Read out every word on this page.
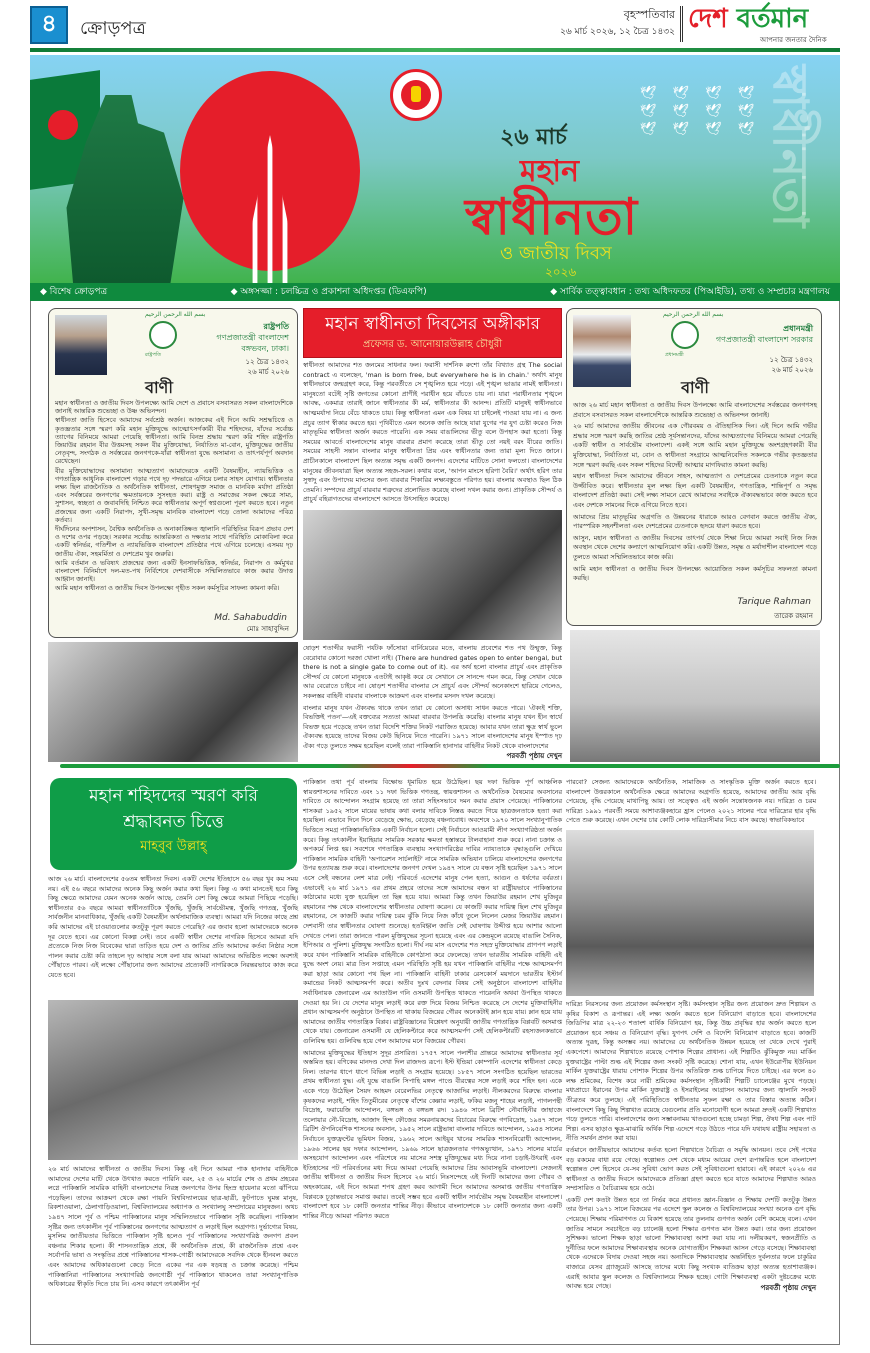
৪	ক্রোড়পত্র
বৃহস্পতিবার
২৬ মার্চ ২০২৬, ১২ চৈত্র ১৪৩২ দেশ বর্তমান
আপনার জনতার দৈনিক
🕊 🕊 🕊 🕊 🕊 🕊 🕊 🕊 🕊 🕊 🕊 🕊
২৬ মার্চ
মহান
স্বাধীনতা
ও জাতীয় দিবস
২০২৬
স্বাধীনতা
◆ বিশেষ ক্রোড়পত্র	◆ অঙ্গসজ্জা : চলচ্চিত্র ও প্রকাশনা অধিদপ্তর (ডিএফপি)	◆ সার্বিক তত্ত্বাবধান : তথ্য অধিদফতর (পিআইডি), তথ্য ও সম্প্রচার মন্ত্রণালয়
بسم الله الرحمن الرحيم
রাষ্ট্রপতি
রাষ্ট্রপতি
গণপ্রজাতন্ত্রী বাংলাদেশ
বঙ্গভবন, ঢাকা।
১২ চৈত্র ১৪৩২
২৬ মার্চ ২০২৬
বাণী

মহান স্বাধীনতা ও জাতীয় দিবস উপলক্ষ্যে আমি দেশে ও প্রবাসে বসবাসরত সকল বাংলাদেশিকে জানাই আন্তরিক শুভেচ্ছা ও উষ্ণ অভিনন্দন।

স্বাধীনতা জাতি হিসেবে আমাদের সর্বশ্রেষ্ঠ অর্জন। আজকের এই দিনে আমি সশ্রদ্ধচিত্তে ও কৃতজ্ঞতার সঙ্গে স্মরণ করি মহান মুক্তিযুদ্ধে আত্মোৎসর্গকারী বীর শহিদদের, যাঁদের সর্বোচ্চ ত্যাগের বিনিময়ে আমরা পেয়েছি স্বাধীনতা। আমি বিনম্র শ্রদ্ধায় স্মরণ করি শহিদ রাষ্ট্রপতি জিয়াউর রহমান বীর উত্তমসহ সকল বীর মুক্তিযোদ্ধা, নির্যাতিত মা-বোন, মুক্তিযুদ্ধের জাতীয় নেতৃবৃন্দ, সংগঠক ও সর্বস্তরের জনগণকে-যাঁরা স্বাধীনতা যুদ্ধে অসামান্য ও তাৎপর্যপূর্ণ অবদান রেখেছেন।

বীর মুক্তিযোদ্ধাদের অসামান্য আত্মত্যাগ আমাদেরকে একটি বৈষম্যহীন, ন্যায়ভিত্তিক ও গণতান্ত্রিক আধুনিক বাংলাদেশ গড়ার পথে দৃঢ় পদভারে এগিয়ে চলার সাহস যোগায়। স্বাধীনতার লক্ষ্য ছিল রাজনৈতিক ও অর্থনৈতিক স্বাধীনতা, শোষণমুক্ত সমাজ ও মানবিক মর্যাদা প্রতিষ্ঠা এবং সর্বস্তরের জনগণের ক্ষমতায়নকে সুসংহত করা। রাষ্ট্র ও সমাজের সকল ক্ষেত্রে সাম্য, সুশাসন, স্বচ্ছতা ও জবাবদিহি নিশ্চিত করে স্বাধীনতার অপূর্ণ স্বপ্নগুলো পূরণ করতে হবে। নতুন প্রজন্মের জন্য একটি নিরাপদ, সুখী-সমৃদ্ধ মানবিক বাংলাদেশ গড়ে তোলা আমাদের পবিত্র কর্তব্য।

দীর্ঘদিনের অপশাসন, বৈশ্বিক অর্থনৈতিক ও অনাকাঙ্ক্ষিত জ্বালানি পরিস্থিতির বিরূপ প্রভাব দেশ ও দশের ওপর পড়ছে। সরকার সর্বোচ্চ আন্তরিকতা ও দক্ষতার সাথে পরিস্থিতি মোকাবিলা করে একটি স্বনির্ভর, গতিশীল ও ন্যায়ভিত্তিক বাংলাদেশ প্রতিষ্ঠার পথে এগিয়ে চলেছে। এসময় দৃঢ় জাতীয় ঐক্য, সহমর্মিতা ও দেশপ্রেম খুব জরুরি।

আমি বর্তমান ও ভবিষ্যৎ প্রজন্মের জন্য একটি ইনসাফভিত্তিক, স্বনির্ভর, নিরাপদ ও কর্মমুখর বাংলাদেশ বিনির্মাণে দল-মত-পথ নির্বিশেষে দেশবাসীকে সম্মিলিতভাবে কাজ করার উদাত্ত আহ্বান জানাই।

আমি মহান স্বাধীনতা ও জাতীয় দিবস উপলক্ষ্যে গৃহীত সকল কর্মসূচির সাফল্য কামনা করি।

Md. Sahabuddin
মোঃ সাহাবুদ্দিন
মহান স্বাধীনতা দিবসের অঙ্গীকার
প্রফেসর ড. আনোয়ারউল্লাহ চৌধুরী

স্বাধীনতা আমাদের শত জনমের সাধনার ফল। ফরাসী দার্শনিক রুশো তাঁর বিখ্যাত গ্রন্থ The social contract এ বলেছেন, 'man is born free, but everywhere he is in chain.' অর্থাৎ মানুষ স্বাধীনভাবে জন্মগ্রহণ করে, কিন্তু পরবর্তীতে সে শৃঙ্খলিত হয়ে পড়ে। এই শৃঙ্খল ভাঙার নামই স্বাধীনতা। মানুষতো বটেই সৃষ্টি জগতের কোনো প্রাণীই পরাধীন হয়ে বাঁচতে চায় না। যারা পরাধীনতার শৃঙ্খলে আবদ্ধ, একমাত্র তারাই জানে স্বাধীনতার কী মর্ম, স্বাধীনতার কী আনন্দ। প্রতিটি মানুষই স্বাধীনভাবে আত্মমর্যাদা নিয়ে বেঁচে থাকতে চায়। কিন্তু স্বাধীনতা এমন এক বিষয় যা চাইলেই পাওয়া যায় না। এ জন্য প্রচুর ত্যাগ স্বীকার করতে হয়। পৃথিবীতে এমন অনেক জাতি আছে যারা যুগের পর যুগ চেষ্টা করেও নিজ মাতৃভূমির স্বাধীনতা অর্জন করতে পারেনি। এক সময় বাঙালিদের ভীতু বলে উপহাস করা হতো। কিন্তু সময়ের আবর্তে বাংলাদেশের মানুষ বারবার প্রমাণ করেছে তারা ভীতু তো নয়ই বরং বীরের জাতি। সময়ের সাহসী সন্তান বাংলার মানুষ স্বাধীনতা প্রিয় এবং স্বাধীনতার জন্য তারা মূল্য দিতে জানে। প্রাচীনকালে বাংলাদেশ ছিল অত্যন্ত সমৃদ্ধ একটি জনপদ। এদেশের মাটিতে সোনা ফলতো। বাংলাদেশের মানুষের জীবনযাত্রা ছিল অত্যন্ত সহজ-সরল। কথায় বলে, 'আপন মাংসে হরিণা বৈরি।' অর্থাৎ হরিণ তার সুস্বাদু এবং উপাদেয় মাংসের জন্য বারবার শিকারির লক্ষ্যবস্তুতে পরিণত হয়। বাংলার অবস্থাও ছিল ঠিক তেমনি। সম্পদের প্রাচুর্য বারবার শত্রুদের প্রলোভিত করেছে বাংলা দখল করার জন্য। প্রাকৃতিক সৌন্দর্য ও প্রাচুর্য বহিরাগতদের বাংলাদেশে আসতে উৎসাহিত করেছে।

ষোড়শ শতাব্দীর ফরাসী পর্যটক ফাঁসোয়া বার্নিয়েরের মতে, বাংলায় প্রবেশের শত পথ উন্মুক্ত, কিন্তু বেরোবার কোনো দরজা খোলা নাই। (There are hundred gates open to enter bengal, but there is not a single gate to come out of it). এর অর্থ হলো বাংলার প্রাচুর্য এবং প্রাকৃতিক সৌন্দর্য যে কোনো মানুষকে এতটাই আকৃষ্ট করে যে সেখানে সে সানন্দে গমন করে, কিন্তু সেখান থেকে আর বেরোতে চাইবে না। ষোড়শ শতাব্দীর বাংলার সে প্রাচুর্য এবং সৌন্দর্য অনেকাংশে হারিয়ে গেলেও, সকলস্তর বাহিনী বারবার বাংলাকে আক্রমণ এবং বাংলার মসনদ দখল করেছে।

বাংলার মানুষ যখন ঐক্যবদ্ধ থাকে তখন তারা যে কোনো অসাধ্য সাধন করতে পারে। 'ঐক্যই শক্তি, বিভক্তিই পতন'—এই বক্তব্যের সত্যতা আমরা বারবার উপলব্ধি করেছি। বাংলার মানুষ যখন হীন স্বার্থে বিভক্ত হয়ে পড়েছে তখন তারা বিদেশি শক্তির নিকট পরাজিত হয়েছে। আবার যখন তারা ক্ষুদ্র স্বার্থ ভুলে ঐক্যবদ্ধ হয়েছে তাদের বিজয় কেউ ছিনিয়ে নিতে পারেনি। ১৯৭১ সালে বাংলাদেশের মানুষ ইস্পাত দৃঢ় ঐক্য গড়ে তুলতে সক্ষম হয়েছিল বলেই তারা পাকিস্তানি হানাদার বাহিনীর নিকট থেকে বাংলাদেশের

পরবর্তী পৃষ্ঠায় দেখুন
بسم الله الرحمن الرحيم
প্রধানমন্ত্রী
প্রধানমন্ত্রী
গণপ্রজাতন্ত্রী বাংলাদেশ সরকার
১২ চৈত্র ১৪৩২
২৬ মার্চ ২০২৬
বাণী

আজ ২৬ মার্চ মহান স্বাধীনতা ও জাতীয় দিবস উপলক্ষ্যে আমি বাংলাদেশের সর্বস্তরের জনগণসহ প্রবাসে বসবাসরত সকল বাংলাদেশিকে আন্তরিক শুভেচ্ছা ও অভিনন্দন জানাই।

২৬ মার্চ আমাদের জাতীয় জীবনের এক গৌরবময় ও ঐতিহাসিক দিন। এই দিনে আমি গভীর শ্রদ্ধার সঙ্গে স্মরণ করছি জাতির শ্রেষ্ঠ সূর্যসন্তানদের, যাঁদের আত্মত্যাগের বিনিময়ে আমরা পেয়েছি একটি স্বাধীন ও সার্বভৌম বাংলাদেশ। একই সঙ্গে আমি মহান মুক্তিযুদ্ধে অংশগ্রহণকারী বীর মুক্তিযোদ্ধা, নির্যাতিতা মা, বোন ও স্বাধীনতা সংগ্রামে আত্মনিবেদিত সকলকে গভীর কৃতজ্ঞতার সঙ্গে স্মরণ করছি এবং সকল শহিদের বিদেহী আত্মার মাগফিরাত কামনা করছি।

মহান স্বাধীনতা দিবস আমাদের জীবনে সাহস, আত্মত্যাগ ও দেশপ্রেমের চেতনাকে নতুন করে উজ্জীবিত করে। স্বাধীনতার মূল লক্ষ্য ছিল একটি বৈষম্যহীন, গণতান্ত্রিক, শান্তিপূর্ণ ও সমৃদ্ধ বাংলাদেশ প্রতিষ্ঠা করা। সেই লক্ষ্য সামনে রেখে আমাদের সবাইকে ঐক্যবদ্ধভাবে কাজ করতে হবে এবং দেশকে সামনের দিকে এগিয়ে নিতে হবে।

আমাদের প্রিয় মাতৃভূমির অগ্রগতি ও উন্নয়নের ধারাকে আরও বেগবান করতে জাতীয় ঐক্য, পারস্পরিক সহনশীলতা এবং দেশপ্রেমের চেতনাকে হৃদয়ে ধারণ করতে হবে।

আসুন, মহান স্বাধীনতা ও জাতীয় দিবসের তাৎপর্য থেকে শিক্ষা নিয়ে আমরা সবাই নিজ নিজ অবস্থান থেকে দেশের কল্যাণে আত্মনিয়োগ করি। একটি উন্নত, সমৃদ্ধ ও মর্যাদাশীল বাংলাদেশ গড়ে তুলতে আমরা সম্মিলিতভাবে কাজ করি।

আমি মহান স্বাধীনতা ও জাতীয় দিবস উপলক্ষ্যে আয়োজিত সকল কর্মসূচির সফলতা কামনা করছি।

Tarique Rahman
তারেক রহমান
মহান শহিদদের স্মরণ করি
শ্রদ্ধাবনত চিত্তে
মাহবুব উল্লাহ্

আজ ২৬ মার্চ। বাংলাদেশের ৫৬তম স্বাধীনতা দিবস। একটি দেশের ইতিহাসে ৫৬ বছর খুব কম সময় নয়। এই ৫৬ বছরে আমাদের অনেক কিছু অর্জন করার কথা ছিল। কিন্তু এ কথা মানতেই হবে কিছু কিছু ক্ষেত্রে আমাদের যেমন অনেক অর্জন আছে, তেমনি বেশ কিছু ক্ষেত্রে আমরা পিছিয়ে পড়েছি। স্বাধীনতার ৫৬ বছরে আমরা স্বাধীনতাটিকে খুঁজছি, খুঁজছি সার্বভৌমত্ব, খুঁজছি গণতন্ত্র, খুঁজছি সার্বজনীন মানবাধিকার, খুঁজছি একটি বৈষম্যহীন অর্থসামাজিক ব্যবস্থা। আমরা যদি নিজের কাছে প্রশ্ন করি আমাদের এই চাওয়াগুলোর কতটুকু পূরণ করতে পেরেছি? এর জবাব হলো আমাদেরকে অনেক দূর যেতে হবে। এর কোনো বিকল্প নেই। তবে একটি স্বাধীন দেশের নাগরিক হিসেবে আমরা যদি প্রত্যেকে নিজ নিজ বিবেকের দ্বারা তাড়িত হয়ে দেশ ও জাতির প্রতি আমাদের কর্তব্য নিষ্ঠার সঙ্গে পালন করার চেষ্টা করি তাহলে দৃঢ় আস্থার সঙ্গে বলা যায় আমরা আমাদের অভিষ্ঠিত লক্ষ্যে অবশ্যই পৌঁছাতে পারব। এই লক্ষ্যে পৌঁছানোর জন্য আমাদের প্রত্যেকটি নাগরিককে নিরন্তরভাবে কাজ করে যেতে হবে।

২৬ মার্চ আমাদের স্বাধীনতা ও জাতীয় দিবস। কিন্তু এই দিনে আমরা পাক হানাদার বাহিনীকে আমাদের দেশের মাটি থেকে উৎখাত করতে পারিনি বরং, ২৫ ও ২৬ মার্চের শেষ ও প্রথম প্রহরের লগ্নে পাকিস্তানি সামরিক বাহিনী বাংলাদেশের নিরস্ত্র জনগণের উপর হিংস্র হায়েনার মতো ঝাঁপিয়ে পড়েছিল। তাদের আক্রমণ থেকে রক্ষা পায়নি বিশ্ববিদ্যালয়ের ছাত্র-ছাত্রী, ফুটপাতে ঘুমন্ত মানুষ, রিকশাওয়ালা, ঠেলাগাড়িওয়ালা, বিশ্ববিদ্যালয়ের অধ্যাপক ও সংখ্যালঘু সম্প্রদায়ের মানুষজন। অথচ ১৯৪৭ সালে পূর্ব ও পশ্চিম পাকিস্তানের মানুষ সম্মিলিতভাবে পাকিস্তান সৃষ্টি করেছিল। পাকিস্তান সৃষ্টির জন্য তৎকালীন পূর্ব পাকিস্তানের জনগণের আত্মত্যাগ ও লড়াই ছিল অগ্রগণ্য। দুর্ভাগ্যের বিষয়, মুসলিম জাতীয়তার ভিত্তিতে পাকিস্তান সৃষ্টি হলেও পূর্ব পাকিস্তানের সংখ্যাগরিষ্ঠ জনগণ প্রবল বঞ্চনার শিকার হলো। কী শাসনতান্ত্রিক প্রশ্নে, কী অর্থনৈতিক প্রশ্নে, কী রাজনৈতিক প্রশ্নে এবং সর্বোপরি ভাষা ও সংস্কৃতির প্রশ্নে পাকিস্তানের শাসক-গোষ্ঠী আমাদেরকে সবদিক থেকে হীনবল করতে এবং আমাদের অধিকারগুলো কেড়ে নিতে একের পর এক ষড়যন্ত্র ও চক্রান্ত করেছে। পশ্চিম পাকিস্তানিরা পাকিস্তানের সংখ্যাগরিষ্ঠ জনগোষ্ঠী পূর্ব পাকিস্তানে থাকলেও তারা সংখ্যানুপাতিক অধিকারের স্বীকৃতি দিতে চায় নি। এসব কারণে তৎকালীন পূর্ব

পাকিস্তান তথা পূর্ব বাংলায় বিক্ষোভ ধূমায়িত হয়ে উঠেছিল। ছয় দফা ভিত্তিক পূর্ণ আঞ্চলিক স্বায়ত্তশাসনের দাবিতে এবং ১১ দফা ভিত্তিক গণতন্ত্র, স্বায়ত্তশাসন ও অর্থনৈতিক বৈষম্যের অবসানের দাবিতে যে আন্দোলন সংগ্রাম হয়েছে তা তারা সহিংসভাবে দমন করার প্রয়াস পেয়েছে। পাকিস্তানের শাসকরা ১৯৫২ সালে মায়ের ভাষায় কথা বলার দাবিকে নিস্তব্ধ করতে গিয়ে ছাত্রজনতাকে হত্যা করা হয়েছিল। এভাবে দিনে দিনে বেড়েছে ক্ষোভ, বেড়েছে বঞ্চনাবোধ। অবশেষে ১৯৭০ সালে সংখ্যানুপাতিক ভিত্তিতে সমগ্র পাকিস্তানভিত্তিক একটি নির্বাচন হলো। সেই নির্বাচনে আওয়ামী লীগ সংখ্যাগরিষ্ঠতা অর্জন করে। কিন্তু তৎকালীন ইয়াহিয়ার সামরিক সরকার ক্ষমতা হস্তান্তরে টালবাহানা শুরু করে। নানা চক্রান্ত ও অপকর্মে লিপ্ত হয়। সবশেষে গণতান্ত্রিক ব্যবস্থায় সংখ্যাগরিষ্ঠের দাবির ন্যায্যতাকে বৃদ্ধাঙ্গুলি দেখিয়ে পাকিস্তান সামরিক বাহিনী 'অপারেশন সার্চলাইট' নামে সামরিক অভিযান চালিয়ে বাংলাদেশের জনগণের উপর হত্যাযজ্ঞ শুরু করে। বাংলাদেশের জনগণ দেখল ১৯৪৭ সালে যে বন্ধন সৃষ্টি হয়েছিল ১৯৭১ সালে এসে সেই বন্ধনের লেশ মাত্র নেই। পরিবর্তে এদেশের মানুষ পেল হত্যা, আগুন ও ধর্ষণের বর্বরতা। এভাবেই ২৬ মার্চ ১৯৭১ এর প্রথম প্রহরে তাদের সঙ্গে আমাদের বন্ধন যা রাষ্ট্রীয়ভাবে পাকিস্তানের কাঠামোর মধ্যে যুক্ত হয়েছিল তা ছিন্ন হয়ে যায়। আমরা কিন্তু তখন জিয়াউর রহমান শেখ মুজিবুর রহমানের পক্ষ থেকে বাংলাদেশের স্বাধীনতার ঘোষণা করেন। যে কাজটি করার দায়িত্ব ছিল শেখ মুজিবুর রহমানের, সে কাজটি করার দায়িত্ব চরম ঝুঁকি নিয়ে নিজ কাঁধে তুলে নিলেন মেজর জিয়াউর রহমান। দেশবাসী তার স্বাধীনতার ঘোষণা শুনেছে। হতবিহ্বল জাতি সেই ঘোষণায় উদ্দীপ্ত হয়ে আশার আলো দেখতে পেল। তারা জানতে পারল মুক্তিযুদ্ধের সূচনা হয়েছে এবং এর কেন্দ্রমূলে রয়েছে বাঙালি সৈনিক, ইপিআর ও পুলিশ। মুক্তিযুদ্ধ সংগঠিত হলো। দীর্ঘ নয় মাস এদেশের শত সহস্র মুক্তিযোদ্ধার প্রাণপণ লড়াই করে যখন পাকিস্তানি সামরিক বাহিনীকে কোণঠাসা করে ফেলেছে। তখন ভারতীয় সামরিক বাহিনী এই যুদ্ধে অংশ নেয়। মাত্র তিন সপ্তাহে এমন পরিস্থিতি সৃষ্টি হয় যখন পাকিস্তানি বাহিনীর পক্ষে আত্মসমর্পণ করা ছাড়া আর কোনো পথ ছিল না। পাকিস্তানি বাহিনী ঢাকার রেসকোর্স ময়দানে ভারতীয় ইস্টার্ন কমান্ডের নিকট আত্মসমর্পণ করে। অতীব দুঃখ বেদনার বিষয় সেই অনুষ্ঠানে বাংলাদেশ বাহিনীর সর্বাধিনায়ক জেনারেল এম আতাউল গনি ওসমানী উপস্থিত থাকতে পারেননি অথবা উপস্থিত থাকতে দেওয়া হয় নি। যে দেশের মানুষ লড়াই করে রক্ত দিয়ে বিজয় নিশ্চিত করেছে সে দেশের মুক্তিবাহিনীর প্রধান আত্মসমর্পণ অনুষ্ঠানে উপস্থিত না থাকায় বিজয়ের গৌরব অনেকটাই ম্লান হয়ে যায়। ম্লান হয়ে যায় আমাদের জাতীয় গণতান্ত্রিক বিপ্লব। রাষ্ট্রবিজ্ঞানের বিশ্লেষণ অনুযায়ী জাতীয় গণতান্ত্রিক বিপ্লবটি অসমাপ্ত থেকে যায়। জেনারেল ওসমানী যে হেলিকপ্টারে করে আত্মসমর্পণ সেই হেলিকপ্টারটি রহস্যজনকভাবে গুলিবিদ্ধ হয়। গুলিবিদ্ধ হয়ে গেল আমাদের মনে বিজয়ের গৌরব।

আমাদের মুক্তিযুদ্ধের ইতিহাস সুদূর প্রসারিত। ১৭৫৭ সালে পলাশীর প্রান্তরে আমাদের স্বাধীনতার সূর্য অস্তমিত হয়। বণিকের মানদণ্ড দেখা দিল রাজদণ্ড রূপে। ইস্ট ইন্ডিয়া কোম্পানি এদেশের স্বাধীনতা কেড়ে নিল। তারপর ধাপে ধাপে বিভিন্ন লড়াই ও সংগ্রাম হয়েছে। ১৮৫৭ সালে সংগঠিত হয়েছিল ভারতের প্রথম স্বাধীনতা যুদ্ধ। এই যুদ্ধে বাঙালি সিপাহি মঙ্গল পাণ্ডে বীরত্বের সঙ্গে লড়াই করে শহিদ হন। একে একে গড়ে উঠেছিল সৈয়দ আহমদ বেরেলভির নেতৃত্বে আজাদির লড়াই। নীলকরদের বিরুদ্ধে বাংলার কৃষকদের লড়াই, শহিদ তিতুমীরের নেতৃত্বে বাঁশের কেল্লার লড়াই, ফকির মজনু শাহের লড়াই, পাগলপন্থী বিদ্রোহ, ফরায়েজি আন্দোলন, বঙ্গভঙ্গ ও বঙ্গভঙ্গ রদ। ১৯৪৬ সালে ব্রিটিশ নৌবাহিনীর জাহাজে তলোয়ার নৌ-বিদ্রোহ, আজাদ হিন্দ ফৌজের সমরনায়কদের বিচারের বিরুদ্ধে গণবিদ্রোহ, ১৯৪৭ সালে ব্রিটিশ ঔপনিবেশিক শাসনের অবসান, ১৯৫২ সালে রাষ্ট্রভাষা বাংলার দাবিতে আন্দোলন, ১৯৫৪ সালের নির্বাচনে যুক্তফ্রন্টের ভূমিধস বিজয়, ১৯৬২ সালে আইয়ুব খানের সামরিক শাসনবিরোধী আন্দোলন, ১৯৬৬ সালের ছয় দফার আন্দোলন, ১৯৬৯ সালে ছাত্রজনতার গণঅভ্যুত্থান, ১৯৭১ সালের মার্চের অসহযোগ আন্দোলন এবং পরিশেষে নয় মাসের সশস্ত্র মুক্তিযুদ্ধের মধ্য দিয়ে নানা চড়াই-উৎরাই এবং ইতিহাসের পট পরিবর্তনের মধ্য দিয়ে আমরা পেয়েছি আমাদের প্রিয় আবাসভূমি বাংলাদেশ। সেজন্যই জাতীয় স্বাধীনতা ও জাতীয় দিবস হিসেবে ২৬ মার্চ। নিঃসন্দেহে এই দিনটি আমাদের জন্য গৌরব ও অহংকারের, এই দিনে আমরা শপথ গ্রহণ করব আগামী দিনে আমাদের অসমাপ্ত জাতীয় গণতান্ত্রিক বিপ্লবকে চূড়ান্তভাবে সমাপ্ত করার। তবেই সম্ভব হবে একটি স্বাধীন সার্বভৌম সমৃদ্ধ বৈষম্যহীন বাংলাদেশ। বাংলাদেশ হবে ১৮ কোটি জনতার শান্তির নীড়। কীভাবে বাংলাদেশকে ১৮ কোটি জনতার জন্য একটি শান্তির নীড়ে আমরা পরিণত করতে

পারবো? সেজন্য আমাদেরকে অর্থনৈতিক, সামাজিক ও সাংস্কৃতিক মুক্তি অর্জন করতে হবে। বাংলাদেশ উত্তরকালে অর্থনৈতিক ক্ষেত্রে আমাদের অগ্রগতি হয়েছে, আমাদের জাতীয় আয় বৃদ্ধি পেয়েছে, বৃদ্ধি পেয়েছে মাথাপিছু আয়। তা সত্ত্বেও এই অর্জন সন্তোষজনক নয়। দারিদ্র্য ও চরম দারিদ্র্য ১৯৯১ পরবর্তী সময়ে আশাব্যঞ্জকহারে হ্রাস পেলেও ২০২১ সালের পরে দারিদ্র্যের হার বৃদ্ধি পেতে শুরু করেছে। এখন দেশের চার কোটি লোক দারিদ্র্যসীমার নিচে বাস করছে। স্বাভাবিকভাবে

দারিদ্র্য নিরসনের জন্য প্রয়োজন কর্মসংস্থান সৃষ্টি। কর্মসংস্থান সৃষ্টির জন্য প্রয়োজন দ্রুত শিল্পায়ন ও কৃষির বিকাশ ও রূপান্তর। এই লক্ষ্য অর্জন করতে হলে বিনিয়োগ বাড়াতে হবে। বাংলাদেশের জিডিপির মাত্র ২২-২৩ শতাংশ বার্ষিক বিনিয়োগ হয়, কিন্তু উচ্চ প্রবৃদ্ধির হার অর্জন করতে হলে প্রয়োজন হবে সঞ্চয় ও বিনিয়োগ বৃদ্ধি। যুগপৎ দেশি ও বিদেশি বিনিয়োগ বাড়াতে হবে। কাজটি অত্যন্ত দুরূহ, কিন্তু অসম্ভব নয়। আমাদের যে অর্থনৈতিক উন্নয়ন হয়েছে তা থেকে দেখে পুরাই একপেশে। আমাদের শিল্পখাতে রয়েছে পোশাক শিল্পের প্রাধান্য। এই শিল্পটিও ঝুঁকিমুক্ত নয়। মার্কিন যুক্তরাষ্ট্রের পাল্টা শুল্ক এই শিল্পের জন্য সংকট সৃষ্টি করেছে। শোনা যায়, এখন ইউরোপীয় ইউনিয়ন মার্কিন যুক্তরাষ্ট্রের ধারায় পোশাক শিল্পের উপর অতিরিক্ত শুল্ক চাপিয়ে দিতে চাইছে। এর ফলে ৪০ লক্ষ শ্রমিকের, বিশেষ করে নারী শ্রমিকের কর্মসংস্থান সৃষ্টিকারী শিল্পটি চ্যালেঞ্জের মুখে পড়ছে। মধ্যপ্রাচ্যে ইরানের উপর মার্কিন যুক্তরাষ্ট্র ও ইসরাইলের আগ্রাসন আমাদের জন্য জ্বালানি সংকট তীব্রতর করে তুলছে। এই পরিস্থিতিতে স্বাধীনতার সুফল রক্ষা ও তার বিস্তার অত্যন্ত কঠিন। বাংলাদেশে কিছু কিছু শিল্পখাত রয়েছে যেগুলোর প্রতি মনোযোগী হলে আমরা দ্রুতই একটি শিল্পখাত গড়ে তুলতে পারি। বাংলাদেশের জন্য সম্ভাবনাময় খাতগুলো হচ্ছে চামড়া শিল্প, ঔষধ শিল্প এবং পাট শিল্প। এসব ছাড়াও ক্ষুদ্র-মাঝারি অর্থিক শিল্প এদেশে গড়ে উঠতে পারে যদি যথাযথ রাষ্ট্রীয় সহায়তা ও নীতি সমর্থন প্রদান করা যায়।

বর্তমানে জাতীয়ভাবে আমাদের কর্তব্য হলো শিল্পখাতে বৈচিত্র্য ও সমৃদ্ধি আনয়ন। তবে সেই পথের বড় রকমের বাধা রয়ে গেছে। স্বল্পোন্নত দেশ থেকে মধ্যম আয়ের দেশে রূপান্তরিত হলে বাংলাদেশ স্বল্পোন্নত দেশ হিসেবে যে-সব সুবিধা ভোগ করত সেই সুবিধাগুলো হারাবে। এই কারণে ২০২৬ এর স্বাধীনতা ও জাতীয় দিবসে আমাদেরকে প্রতিজ্ঞা গ্রহণ করতে হবে যাতে আমাদের শিল্পখাত আরও সম্প্রসারিত ও বৈচিত্র্যময় হয়ে ওঠে।

একটি দেশ কতটা উন্নত হবে তা নির্ভর করে প্রধানত জ্ঞান-বিজ্ঞান ও শিক্ষায় দেশটি কতটুকু উন্নত তার উপর। ১৯৭১ সালে বিজয়ের পর এদেশে স্কুল কলেজ ও বিশ্ববিদ্যালয়ের সংখ্যা অনেক গুণ বৃদ্ধি পেয়েছে। শিক্ষায় পরিমাণগত যে বিকাশ হয়েছে তার তুলনায় গুণগত অর্জন বেশি কমেছে বলে। এখন জাতির সামনে সবচাইতে বড় চ্যালেঞ্জ হলো শিক্ষার গুণগত মান উন্নত করা। তার জন্য প্রয়োজন সুশিক্ষক। ভালো শিক্ষক ছাড়া ভালো শিক্ষাব্যবস্থা আশা করা যায় না। দলীয়করণ, স্বজনপ্রীতি ও দুর্নীতির ফলে আমাদের শিক্ষাব্যবস্থায় অনেক যোগ্যতাহীন শিক্ষকরা আসন গেড়ে বসেছে। শিক্ষাব্যবস্থা থেকে এদেরকে বিদায় দেওয়া সহজ নয়। অন্যদিকে শিক্ষাব্যবস্থার অন্তর্নিহিত দুর্বলতার ফলে চাকুরির বাজারে যেসব গ্র্যাজুয়েট আসছে তাদের মধ্যে কিছু সংখ্যক ব্যতিক্রম ছাড়া অত্যন্ত হতাশাব্যঞ্জক। এরাই আবার স্কুল কলেজ ও বিশ্ববিদ্যালয়ে শিক্ষক হচ্ছে। গোটা শিক্ষাব্যবস্থা একটা দুষ্টচক্রের মধ্যে আবদ্ধ হয়ে গেছে।	পরবর্তী পৃষ্ঠায় দেখুন
